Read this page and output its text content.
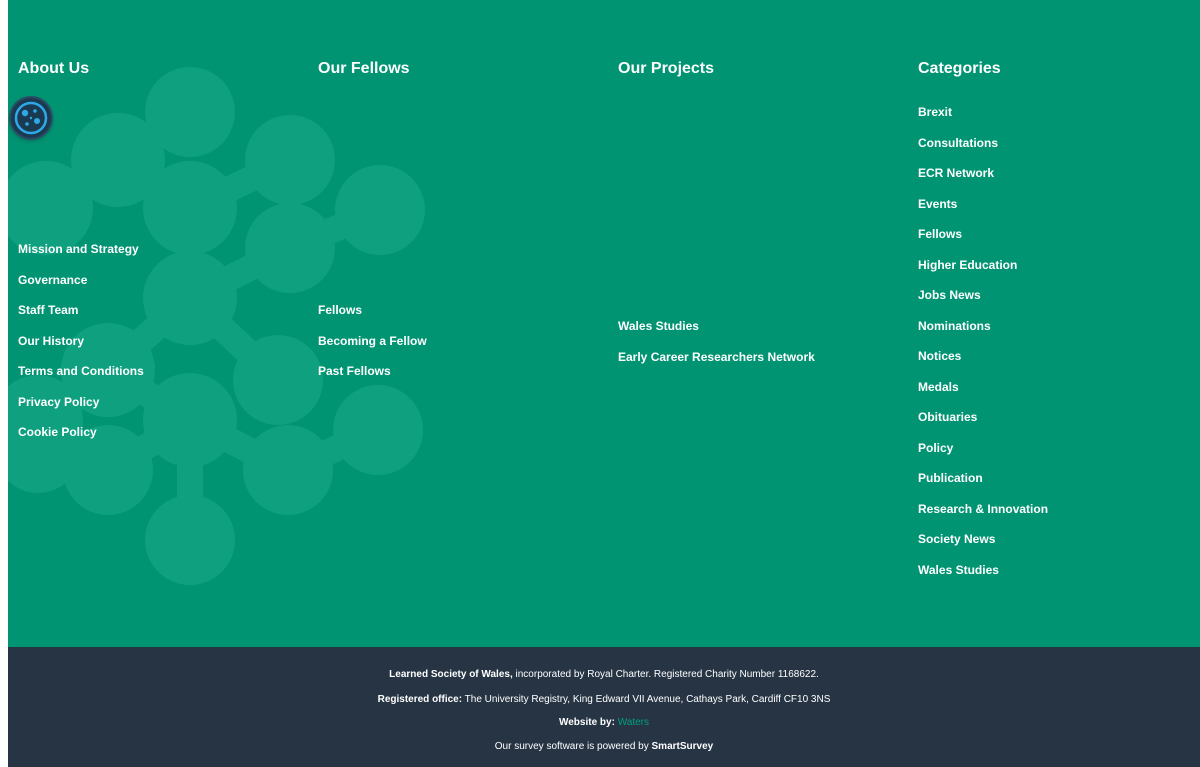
About Us
Mission and Strategy
Governance
Staff Team
Our History
Terms and Conditions
Privacy Policy
Cookie Policy
Our Fellows
Fellows
Becoming a Fellow
Past Fellows
Our Projects
Wales Studies
Early Career Researchers Network
Categories
Brexit
Consultations
ECR Network
Events
Fellows
Higher Education
Jobs News
Nominations
Notices
Medals
Obituaries
Policy
Publication
Research & Innovation
Society News
Wales Studies

Learned Society of Wales, incorporated by Royal Charter. Registered Charity Number 1168622.

Registered office: The University Registry, King Edward VII Avenue, Cathays Park, Cardiff CF10 3NS

Website by: Waters

Our survey software is powered by SmartSurvey
